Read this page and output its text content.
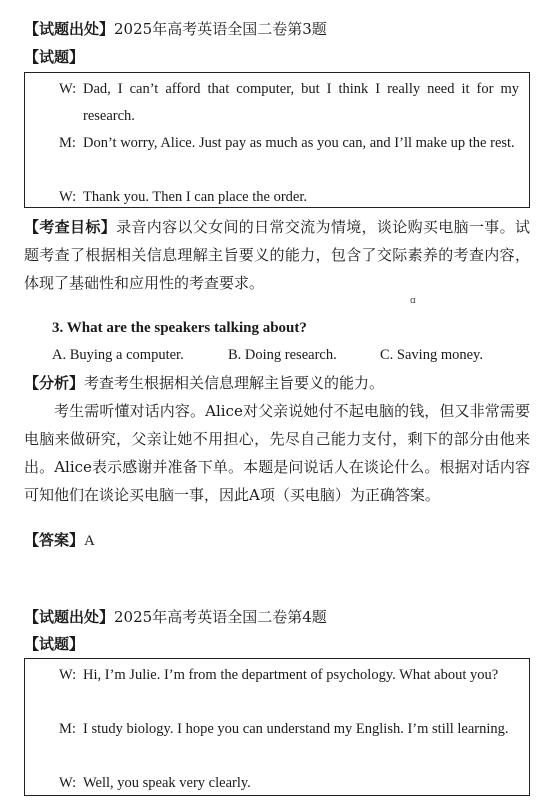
【试题出处】2025年高考英语全国二卷第3题
【试题】
W: Dad, I can’t afford that computer, but I think I really need it for my research.
M: Don’t worry, Alice. Just pay as much as you can, and I’ll make up the rest.
W: Thank you. Then I can place the order.
【考查目标】录音内容以父女间的日常交流为情境，谈论购买电脑一事。试题考查了根据相关信息理解主旨要义的能力，包含了交际素养的考查内容，体现了基础性和应用性的考查要求。
ɑ
3. What are the speakers talking about?
A. Buying a computer.	B. Doing research.	C. Saving money.
【分析】考查考生根据相关信息理解主旨要义的能力。
考生需听懂对话内容。Alice对父亲说她付不起电脑的钱，但又非常需要电脑来做研究，父亲让她不用担心，先尽自己能力支付，剩下的部分由他来出。Alice表示感谢并准备下单。本题是问说话人在谈论什么。根据对话内容可知他们在谈论买电脑一事，因此A项（买电脑）为正确答案。
【答案】A
【试题出处】2025年高考英语全国二卷第4题
【试题】
W: Hi, I’m Julie. I’m from the department of psychology. What about you?
M: I study biology. I hope you can understand my English. I’m still learning.
W: Well, you speak very clearly.
